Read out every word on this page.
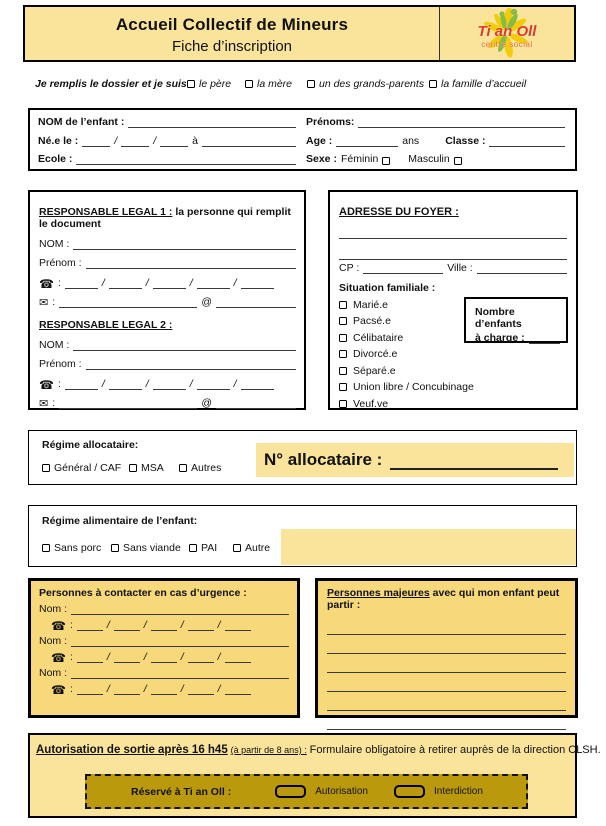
Accueil Collectif de Mineurs
Fiche d’inscription
Ti an Oll
centre social
Je remplis le dossier et je suis	le père	la mère	un des grands-parents	la famille d’accueil
NOM de l’enfant :
Né.e le : / /	à
Ecole :
Prénoms:
Age :	ans Classe :
Sexe : Féminin	Masculin
RESPONSABLE LEGAL 1 : la personne qui remplit le document
NOM :
Prénom :
☎ :
/
/
/
/
✉ :	@
RESPONSABLE LEGAL 2 :
NOM :
Prénom :
☎ :
/
/
/
/
✉ :	@
ADRESSE DU FOYER :
CP :	Ville :
Situation familiale :
Marié.e
Pacsé.e
Célibataire
Divorcé.e
Séparé.e
Union libre / Concubinage
Veuf.ve
Nombre d’enfants
à charge :
Régime allocataire:
Général / CAF	MSA	Autres	N° allocataire :
Régime alimentaire de l’enfant:
Sans porc	Sans viande	PAI	Autre
Personnes à contacter en cas d’urgence :
Nom :
☎ :
/
/
/
/
Nom :
☎ :
/
/
/
/
Nom :
☎ :
/
/
/
/
Personnes majeures avec qui mon enfant peut partir :
Autorisation de sortie après 16 h45 (à partir de 8 ans) : Formulaire obligatoire à retirer auprès de la direction CLSH.
Réservé à Ti an Oll :	Autorisation	Interdiction
